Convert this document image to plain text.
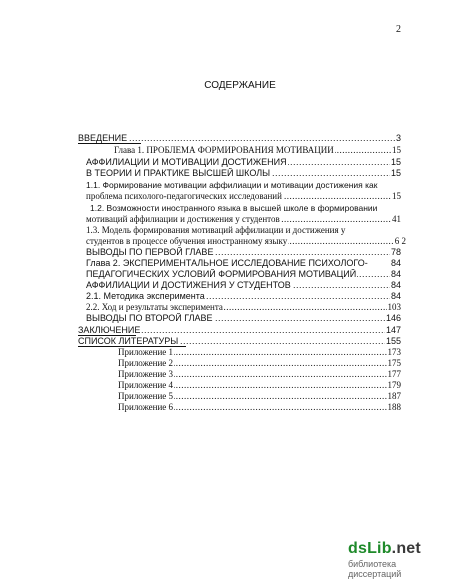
2
СОДЕРЖАНИЕ
..... ВВЕДЕНИЕ	3
..... Глава 1. ПРОБЛЕМА ФОРМИРОВАНИЯ МОТИВАЦИИ	15
..... АФФИЛИАЦИИ И МОТИВАЦИИ ДОСТИЖЕНИЯ	15
..... В ТЕОРИИ И ПРАКТИКЕ ВЫСШЕЙ ШКОЛЫ	15
1.1. Формирование мотивации аффилиации и мотивации достижения как
..... проблема психолого-педагогических исследований	15
1.2. Возможности иностранного языка в высшей школе в формировании
..... мотиваций аффилиации и достижения у студентов	41
1.3. Модель формирования мотиваций аффилиации и достижения у
..... студентов в процессе обучения иностранному языку	6 2
..... ВЫВОДЫ ПО ПЕРВОЙ ГЛАВЕ	78
Глава 2. ЭКСПЕРИМЕНТАЛЬНОЕ ИССЛЕДОВАНИЕ ПСИХОЛОГО-	84
..... ПЕДАГОГИЧЕСКИХ УСЛОВИЙ ФОРМИРОВАНИЯ МОТИВАЦИЙ	84
..... АФФИЛИАЦИИ И ДОСТИЖЕНИЯ У СТУДЕНТОВ	84
..... 2.1. Методика эксперимента	84
..... 2.2. Ход и результаты эксперимента	103
..... ВЫВОДЫ ПО ВТОРОЙ ГЛАВЕ	146
..... ЗАКЛЮЧЕНИЕ	147
..... СПИСОК ЛИТЕРАТУРЫ	155
..... Приложение 1	173
..... Приложение 2	175
..... Приложение 3	177
..... Приложение 4	179
..... Приложение 5	187
..... Приложение 6	188
dsLib.net
библиотека диссертаций
